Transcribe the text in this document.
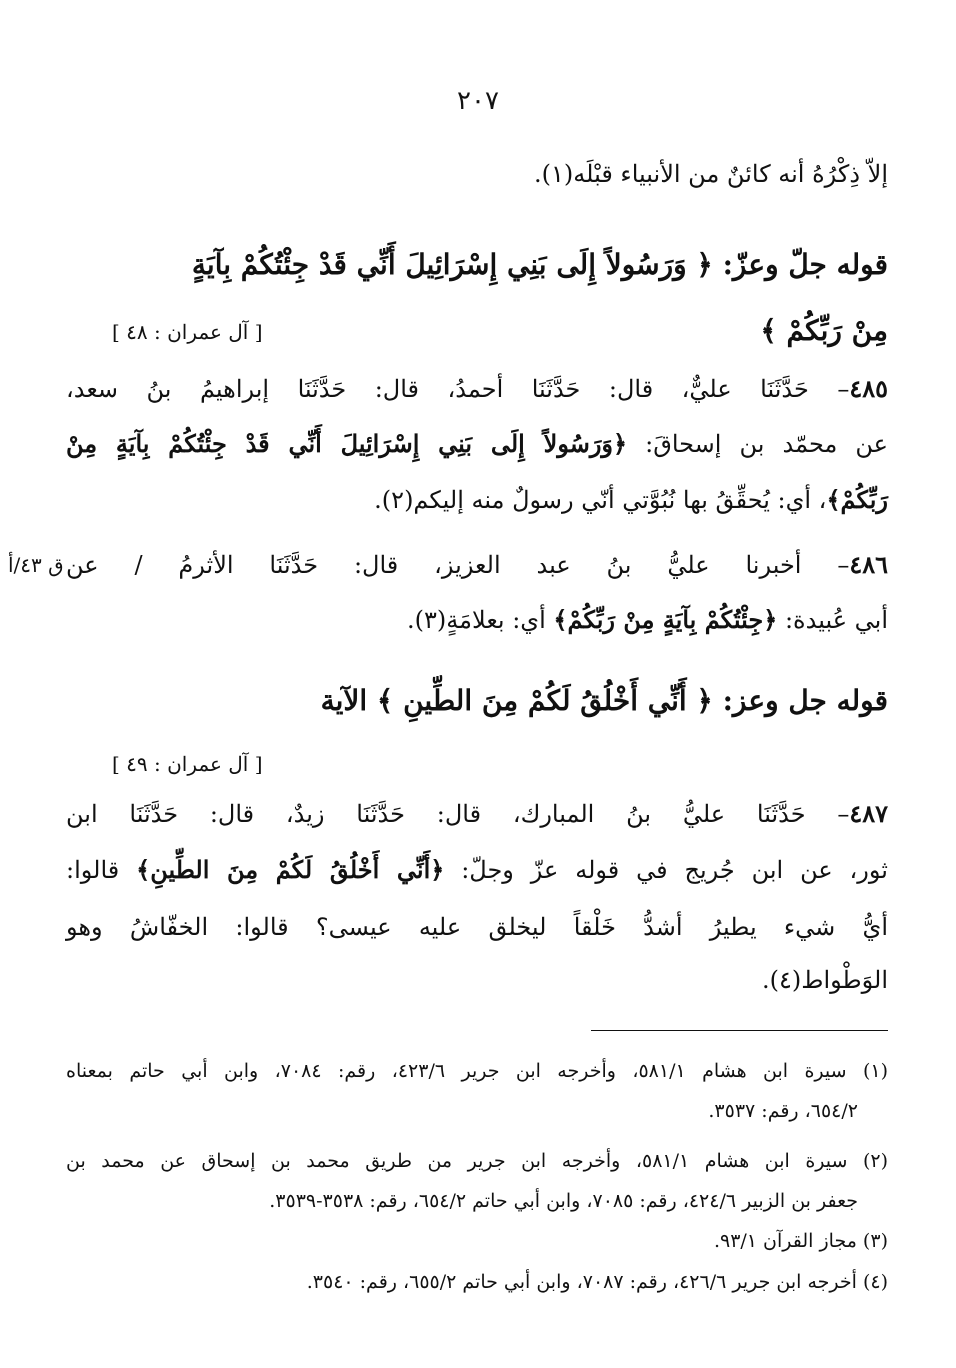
٢٠٧
إلاّ ذِكْرُهُ أنه كائنٌ من الأنبياء قبْلَه(١).
قوله جلّ وعزّ: ﴿ وَرَسُولاً إِلَى بَنِي إِسْرَائِيلَ أَنِّي قَدْ جِئْتُكُمْ بِآيَةٍ
مِنْ رَبِّكُمْ ﴾
[ آل عمران : ٤٨ ]
٤٨٥– حَدَّثَنَا عليٌّ، قال: حَدَّثَنَا أحمدُ، قال: حَدَّثَنَا إبراهيمُ بنُ سعد،
عن محمّد بن إسحاقَ: ﴿وَرَسُولاً إِلَى بَنِي إِسْرَائِيلَ أَنِّي قَدْ جِئْتُكُمْ بِآيَةٍ مِنْ
رَبِّكُمْ﴾، أي: يُحقِّقُ بها نُبُوَّتي أنّي رسولٌ منه إليكم(٢).
ق ٤٣/أ	٤٨٦– أخبرنا عليُّ بنُ عبد العزيز، قال: حَدَّثَنَا الأثرمُ / عن
أبي عُبيدة: ﴿جِئْتُكُمْ بِآيَةٍ مِنْ رَبِّكُمْ﴾ أي: بعلامَةٍ(٣).
قوله جل وعز: ﴿ أَنِّي أَخْلُقُ لَكُمْ مِنَ الطِّينِ ﴾ الآية
[ آل عمران : ٤٩ ]
٤٨٧– حَدَّثَنَا عليُّ بنُ المبارك، قال: حَدَّثَنَا زيدٌ، قال: حَدَّثَنَا ابن
ثور، عن ابن جُريج في قوله عزّ وجلّ: ﴿أَنِّي أَخْلُقُ لَكُمْ مِنَ الطِّينِ﴾ قالوا:
أيُّ شيء يطيرُ أشدُّ خَلْقاً ليخلق عليه عيسى؟ قالوا: الخفّاشُ وهو
الوَطْواط(٤).
(١) سيرة ابن هشام ٥٨١/١، وأخرجه ابن جرير ٤٢٣/٦، رقم: ٧٠٨٤، وابن أبي حاتم بمعناه
٦٥٤/٢، رقم: ٣٥٣٧.
(٢) سيرة ابن هشام ٥٨١/١، وأخرجه ابن جرير من طريق محمد بن إسحاق عن محمد بن
جعفر بن الزبير ٤٢٤/٦، رقم: ٧٠٨٥، وابن أبي حاتم ٦٥٤/٢، رقم: ٣٥٣٨-٣٥٣٩.
(٣) مجاز القرآن ٩٣/١.
(٤) أخرجه ابن جرير ٤٢٦/٦، رقم: ٧٠٨٧، وابن أبي حاتم ٦٥٥/٢، رقم: ٣٥٤٠.
